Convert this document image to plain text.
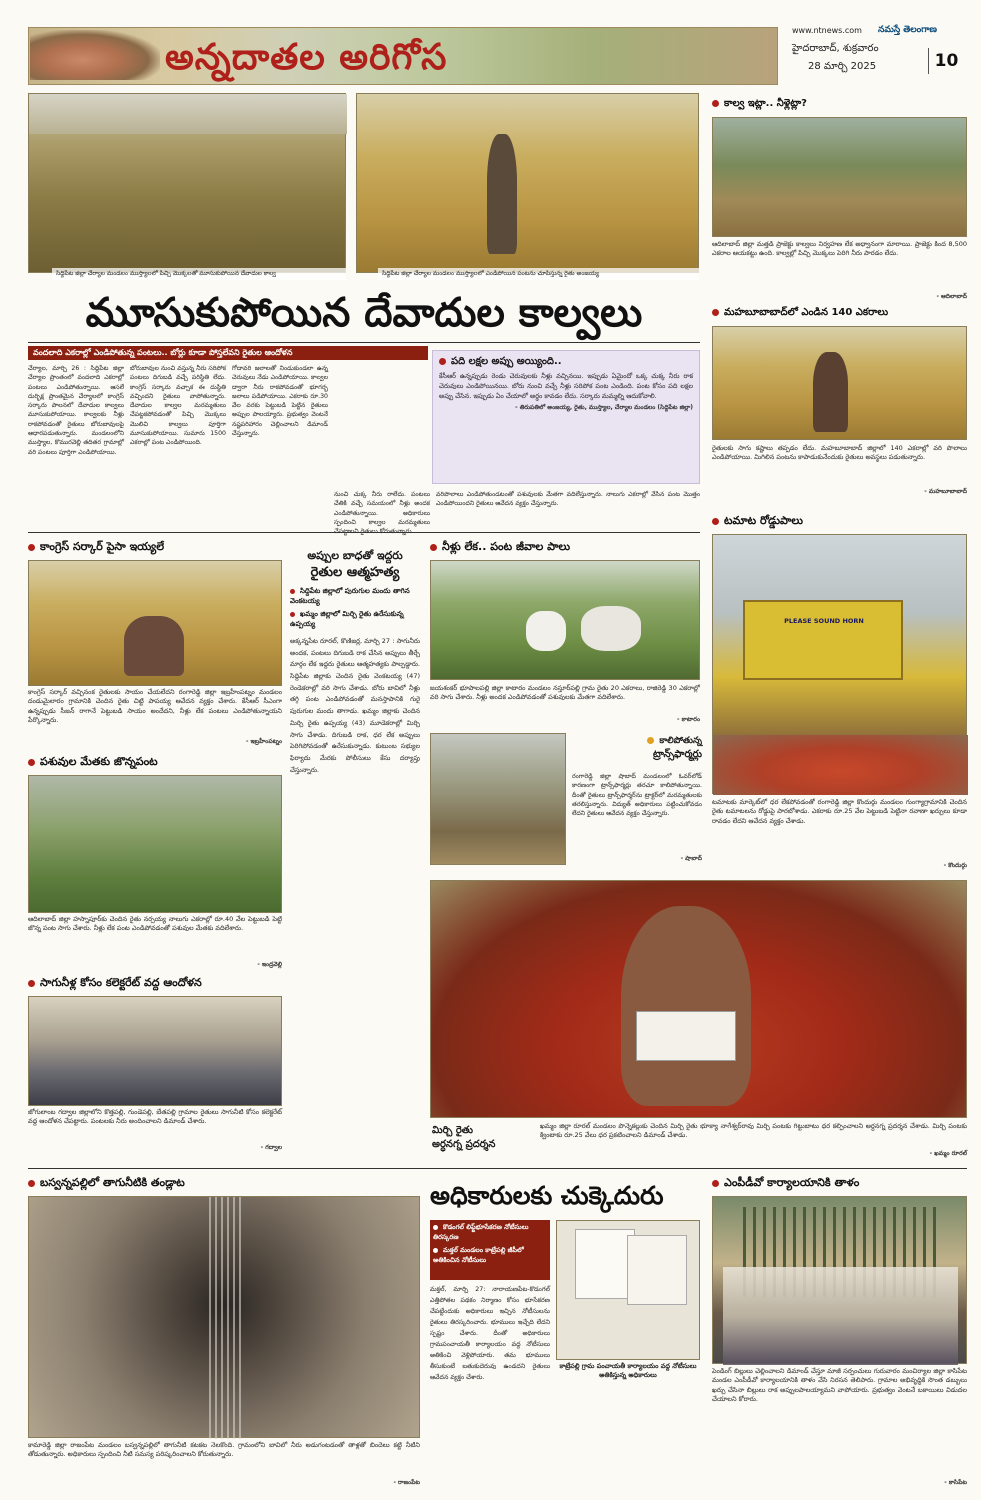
అన్నదాతల అరిగోస
www.ntnews.com	నమస్తే తెలంగాణ
హైదరాబాద్, శుక్రవారం
28 మార్చి 2025	10
సిద్దిపేట జిల్లా చేర్యాల మండలం ముస్త్యాలలో పిచ్చి మొక్కలతో మూసుకుపోయిన దేవాదుల కాల్వ	సిద్దిపేట జిల్లా చేర్యాల మండలం ముస్త్యాలలో ఎండిపోయిన పంటను చూపిస్తున్న రైతు అంజయ్య
మూసుకుపోయిన దేవాదుల కాల్వలు
వందలాది ఎకరాల్లో ఎండిపోతున్న పంటలు.. బోర్లు కూడా పోస్తలేవని రైతుల ఆందోళన
చేర్యాల, మార్చి 26 : సిద్దిపేట జిల్లా చేర్యాల ప్రాంతంలో వందలాది ఎకరాల్లో పంటలు ఎండిపోతున్నాయి. ఆసలే దుర్భిక్ష ప్రాంతమైన చేర్యాలలో కాంగ్రెస్ సర్కారు పాలనలో దేవాదుల కాల్వలు మూసుకుపోయాయి. కాల్వలకు నీళ్లు రాకపోవడంతో రైతులు బోరుబావులపై ఆధారపడుతున్నారు. మండలంలోని ముస్త్యాల, కొమురవెల్లి తదితర గ్రామాల్లో వరి పంటలు పూర్తిగా ఎండిపోయాయి.
బోరుబావుల నుంచి వస్తున్న నీరు సరిపోక పంటలు దిగుబడి వచ్చే పరిస్థితి లేదు. కాంగ్రెస్ సర్కారు వచ్చాక ఈ దుస్థితి వచ్చిందని రైతులు వాపోతున్నారు. దేవాదుల కాల్వల మరమ్మతులు చేపట్టకపోవడంతో పిచ్చి మొక్కలు మొలిచి కాల్వలు పూర్తిగా మూసుకుపోయాయి. సుమారు 1500 ఎకరాల్లో పంట ఎండిపోయింది.
గోదావరి జలాలతో నిండుకుండలా ఉన్న చెరువులు నేడు ఎండిపోయాయి. కాల్వల ద్వారా నీరు రాకపోవడంతో భూగర్భ జలాలు పడిపోయాయి. ఎకరాకు రూ.30 వేల వరకు పెట్టుబడి పెట్టిన రైతులు అప్పుల పాలయ్యారు. ప్రభుత్వం వెంటనే నష్టపరిహారం చెల్లించాలని డిమాండ్ చేస్తున్నారు.
నుంచి చుక్క నీరు రాలేదు. పంటలు చేతికి వచ్చే సమయంలో నీళ్లు అందక ఎండిపోతున్నాయి. అధికారులు స్పందించి కాల్వల మరమ్మతులు
వరిపొలాలు ఎండిపోతుండటంతో పశువులకు మేతగా వదిలేస్తున్నారు. నాలుగు ఎకరాల్లో వేసిన పంట మొత్తం ఎండిపోయిందని రైతులు ఆవేదన వ్యక్తం చేస్తున్నారు.
పది లక్షల అప్పు అయ్యింది..
కేసీఆర్ ఉన్నప్పుడు రెండు చెరువులకు నీళ్లు వచ్చినయి. ఇప్పుడు ఏమైందో ఒక్క చుక్క నీరు రాక చెరువులు ఎండిపోయినయి. బోరు నుంచి వచ్చే నీళ్లు సరిపోక పంట ఎండింది. పంట కోసం పది లక్షల అప్పు చేసిన. ఇప్పుడు ఏం చేయాలో అర్థం కావడం లేదు. సర్కారు మమ్మల్ని ఆదుకోవాలి.
- తిరుపతిలో అంజయ్య, రైతు, ముస్త్యాల, చేర్యాల మండలం (సిద్దిపేట జిల్లా)
కాంగ్రెస్ సర్కార్ పైసా ఇయ్యలే
కాంగ్రెస్ సర్కార్ వచ్చినంక రైతులకు సాయం చేయలేదని రంగారెడ్డి జిల్లా ఇబ్రహీంపట్నం మండలం దండుమైలారం గ్రామానికి చెందిన రైతు చిట్టి పాపయ్య ఆవేదన వ్యక్తం చేశారు. కేసీఆర్ సీఎంగా ఉన్నప్పుడు సీజన్ రాగానే పెట్టుబడి సాయం అందేదని, నీళ్లు లేక పంటలు ఎండిపోతున్నాయని పేర్కొన్నారు.
- ఇబ్రహీంపట్నం
పశువుల మేతకు జొన్నపంట
ఆదిలాబాద్ జిల్లా హస్నాపూర్‌కు చెందిన రైతు నర్సయ్య నాలుగు ఎకరాల్లో రూ.40 వేల పెట్టుబడి పెట్టి జొన్న పంట సాగు చేశారు. నీళ్లు లేక పంట ఎండిపోవడంతో పశువుల మేతకు వదిలేశారు.
- ఇంద్రవెల్లి
సాగునీళ్ల కోసం కలెక్టరేట్ వద్ద ఆందోళన
జోగులాంబ గద్వాల జిల్లాలోని కొత్తపల్లి, గుండెపల్లి, బేతపల్లి గ్రామాల రైతులు సాగునీటి కోసం కలెక్టరేట్ వద్ద ఆందోళన చేపట్టారు. పంటలకు నీరు అందించాలని డిమాండ్ చేశారు.
- గద్వాల
అప్పుల బాధతో ఇద్దరు
రైతుల ఆత్మహత్య
సిద్దిపేట జిల్లాలో పురుగుల మందు తాగిన వెంకటయ్య
ఖమ్మం జిల్లాలో మిర్చి రైతు ఉరేసుకున్న ఉప్పయ్య
అక్కన్నపేట రూరల్, కొణిజర్ల, మార్చి 27 : సాగునీరు అందక, పంటలు దిగుబడి రాక చేసిన అప్పులు తీర్చే మార్గం లేక ఇద్దరు రైతులు ఆత్మహత్యకు పాల్పడ్డారు. సిద్దిపేట జిల్లాకు చెందిన రైతు వెంకటయ్య (47) రెండెకరాల్లో వరి సాగు చేశాడు. బోరు బావిలో నీళ్లు తగ్గి పంట ఎండిపోవడంతో మనస్తాపానికి గురై పురుగుల మందు తాగాడు. ఖమ్మం జిల్లాకు చెందిన మిర్చి రైతు ఉప్పయ్య (43) మూడెకరాల్లో మిర్చి సాగు చేశాడు. దిగుబడి రాక, ధర లేక అప్పులు పెరిగిపోవడంతో ఉరేసుకున్నాడు. కుటుంబ సభ్యుల ఫిర్యాదు మేరకు పోలీసులు కేసు దర్యాప్తు చేస్తున్నారు.
నీళ్లు లేక.. పంట జీవాల పాలు
జయశంకర్ భూపాలపల్లి జిల్లా కాటారం మండలం నస్తూర్‌పల్లి గ్రామ రైతు 20 ఎకరాలు, రాజిరెడ్డి 30 ఎకరాల్లో వరి సాగు చేశారు. నీళ్లు అందక ఎండిపోవడంతో పశువులకు మేతగా వదిలేశారు.
- కాటారం
కాలిపోతున్న
ట్రాన్స్‌ఫార్మర్లు
రంగారెడ్డి జిల్లా షాబాద్ మండలంలో ఓవర్‌లోడ్ కారణంగా ట్రాన్స్‌ఫార్మర్లు తరచూ కాలిపోతున్నాయి. దీంతో రైతులు ట్రాన్స్‌ఫార్మర్‌ను ట్రాక్టర్‌లో మరమ్మతులకు తరలిస్తున్నారు. విద్యుత్ అధికారులు పట్టించుకోవడం లేదని రైతులు ఆవేదన వ్యక్తం చేస్తున్నారు.
- షాబాద్
కాల్వ ఇట్లా.. నీళ్లెట్లా?
ఆదిలాబాద్ జిల్లా మత్తడి ప్రాజెక్టు కాల్వలు నిర్వహణ లేక అధ్వానంగా మారాయి. ప్రాజెక్టు కింద 8,500 ఎకరాల ఆయకట్టు ఉంది. కాల్వల్లో పిచ్చి మొక్కలు పెరిగి నీరు పారడం లేదు.
- ఆదిలాబాద్
మహబూబాబాద్‌లో ఎండిన 140 ఎకరాలు
రైతులకు సాగు కష్టాలు తప్పడం లేదు. మహబూబాబాద్ జిల్లాలో 140 ఎకరాల్లో వరి పొలాలు ఎండిపోయాయి. మిగిలిన పంటను కాపాడుకునేందుకు రైతులు అవస్థలు పడుతున్నారు.
- మహబూబాబాద్
టమాట రోడ్డుపాలు
PLEASE SOUND HORN
టమాటకు మార్కెట్‌లో ధర లేకపోవడంతో రంగారెడ్డి జిల్లా కొందుర్గు మండలం గుంగ్యాగ్రామానికి చెందిన రైతు టమాటలను రోడ్డుపై పారబోశాడు. ఎకరాకు రూ.25 వేల పెట్టుబడి పెట్టినా రవాణా ఖర్చులు కూడా రావడం లేదని ఆవేదన వ్యక్తం చేశాడు.
- కొందుర్గు
మిర్చి రైతు
అర్ధనగ్న ప్రదర్శన
ఖమ్మం జిల్లా రూరల్ మండలం పొన్నెకల్లుకు చెందిన మిర్చి రైతు భూక్యా నాగేశ్వర్‌రావు మిర్చి పంటకు గిట్టుబాటు ధర కల్పించాలని అర్ధనగ్న ప్రదర్శన చేశాడు. మిర్చి పంటకు క్వింటాకు రూ.25 వేలు ధర ప్రకటించాలని డిమాండ్ చేశాడు.
- ఖమ్మం రూరల్
బస్వన్నపల్లిలో తాగునీటికి తండ్లాట
కామారెడ్డి జిల్లా రాజంపేట మండలం బస్వన్నపల్లిలో తాగునీటి కటకట నెలకొంది. గ్రామంలోని బావిలో నీరు అడుగంటడంతో తాళ్లతో బిందెలు కట్టి నీటిని తోడుతున్నారు. అధికారులు స్పందించి నీటి సమస్య పరిష్కరించాలని కోరుతున్నారు.
- రాజంపేట
అధికారులకు చుక్కెదురు
కొడంగల్ లిఫ్ట్‌భూసేకరణ నోటీసులు తిరస్కరణ
మక్తల్ మండలం కాట్రేపల్లి జీపీలో అతికించిన నోటీసులు
మక్తల్, మార్చి 27: నారాయణపేట-కొడంగల్ ఎత్తిపోతల పథకం నిర్మాణం కోసం భూసేకరణ చేపట్టేందుకు అధికారులు ఇచ్చిన నోటీసులను రైతులు తిరస్కరించారు. భూములు ఇచ్చేది లేదని స్పష్టం చేశారు. దీంతో అధికారులు గ్రామపంచాయతీ కార్యాలయం వద్ద నోటీసులు అతికించి వెళ్లిపోయారు. తమ భూములు తీసుకుంటే బతుకుదెరువు ఉండదని రైతులు ఆవేదన వ్యక్తం చేశారు.
కాట్రేపల్లి గ్రామ పంచాయతీ కార్యాలయం వద్ద నోటీసులు అతికిస్తున్న అధికారులు
ఎంపీడీవో కార్యాలయానికి తాళం
పెండింగ్ బిల్లులు చెల్లించాలని డిమాండ్ చేస్తూ మాజీ సర్పంచులు గురువారం మంచిర్యాల జిల్లా కాసిపేట మండల ఎంపీడీవో కార్యాలయానికి తాళం వేసి నిరసన తెలిపారు. గ్రామాల అభివృద్ధికి సొంత డబ్బులు ఖర్చు చేసినా బిల్లులు రాక అప్పులపాలయ్యామని వాపోయారు. ప్రభుత్వం వెంటనే బకాయిలు విడుదల చేయాలని కోరారు.
- కాసిపేట
